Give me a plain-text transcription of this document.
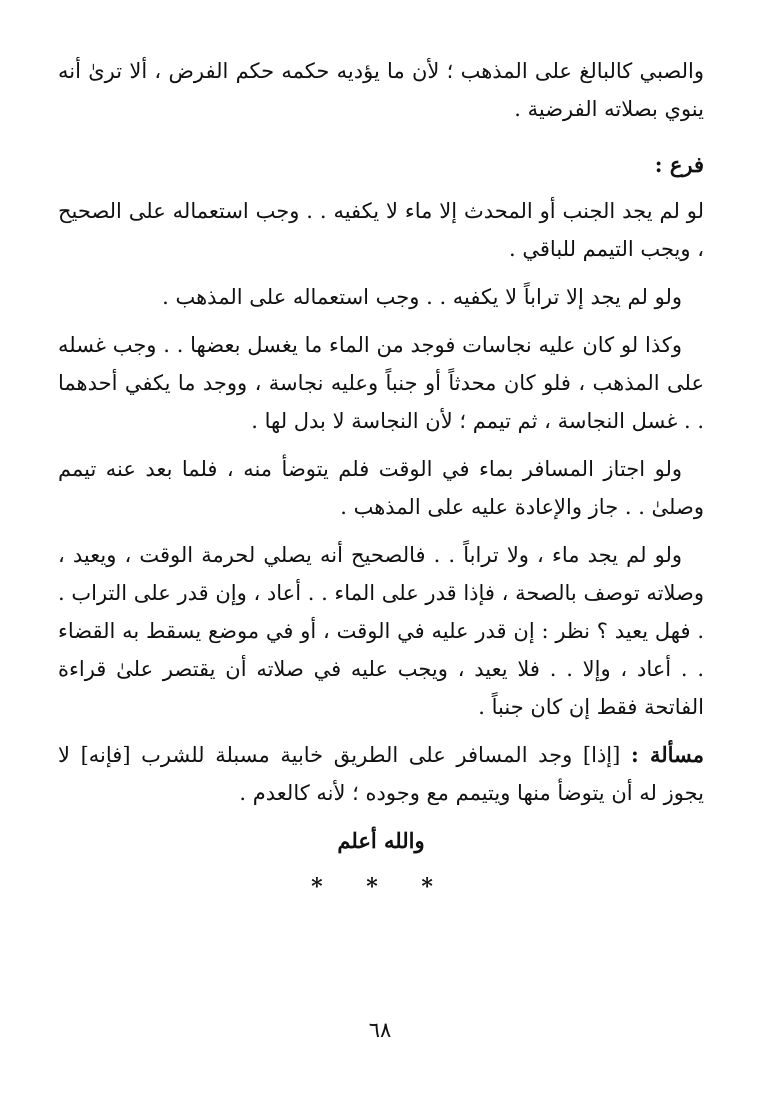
والصبي كالبالغ على المذهب ؛ لأن ما يؤديه حكمه حكم الفرض ، ألا ترىٰ أنه ينوي بصلاته الفرضية .

فرع :

لو لم يجد الجنب أو المحدث إلا ماء لا يكفيه . . وجب استعماله على الصحيح ، ويجب التيمم للباقي .

ولو لم يجد إلا تراباً لا يكفيه . . وجب استعماله على المذهب .

وكذا لو كان عليه نجاسات فوجد من الماء ما يغسل بعضها . . وجب غسله على المذهب ، فلو كان محدثاً أو جنباً وعليه نجاسة ، ووجد ما يكفي أحدهما . . غسل النجاسة ، ثم تيمم ؛ لأن النجاسة لا بدل لها .

ولو اجتاز المسافر بماء في الوقت فلم يتوضأ منه ، فلما بعد عنه تيمم وصلىٰ . . جاز والإعادة عليه على المذهب .

ولو لم يجد ماء ، ولا تراباً . . فالصحيح أنه يصلي لحرمة الوقت ، ويعيد ، وصلاته توصف بالصحة ، فإذا قدر على الماء . . أعاد ، وإن قدر على التراب . . فهل يعيد ؟ نظر : إن قدر عليه في الوقت ، أو في موضع يسقط به القضاء . . أعاد ، وإلا . . فلا يعيد ، ويجب عليه في صلاته أن يقتصر علىٰ قراءة الفاتحة فقط إن كان جنباً .

مسألة : [إذا] وجد المسافر على الطريق خابية مسبلة للشرب [فإنه] لا يجوز له أن يتوضأ منها ويتيمم مع وجوده ؛ لأنه كالعدم .

والله أعلم

* * *
٦٨
